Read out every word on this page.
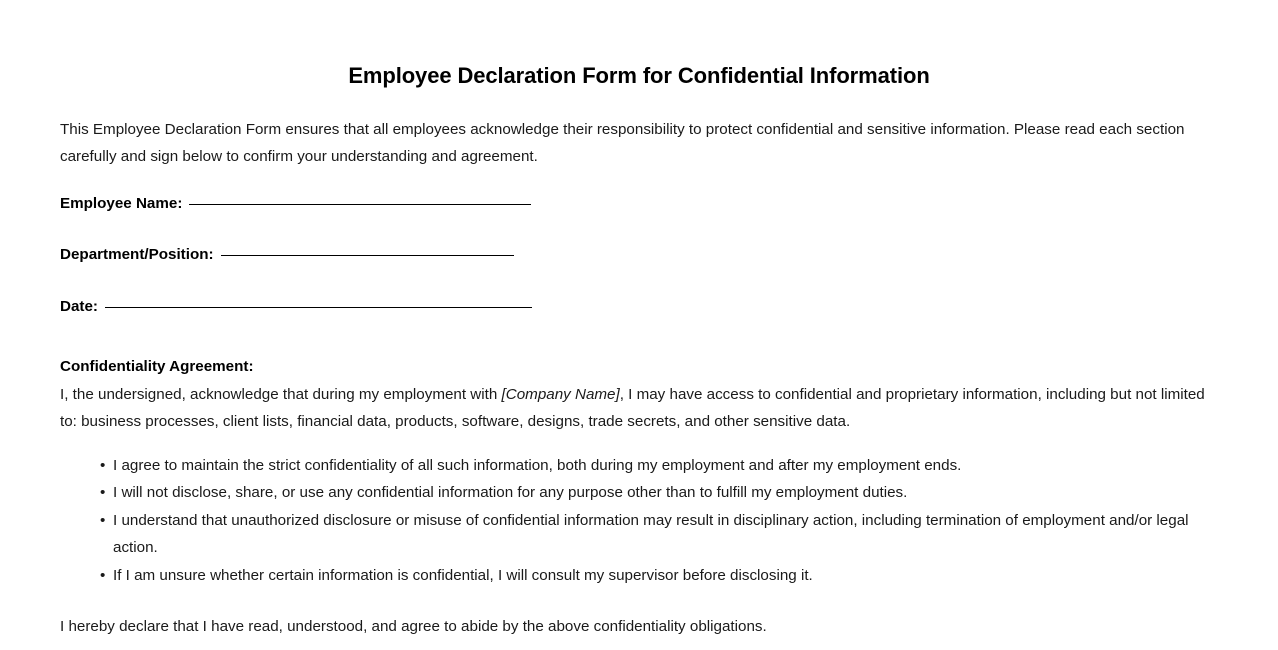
Employee Declaration Form for Confidential Information

This Employee Declaration Form ensures that all employees acknowledge their responsibility to protect confidential and sensitive information. Please read each section carefully and sign below to confirm your understanding and agreement.

Employee Name:
Department/Position:
Date:

Confidentiality Agreement:

I, the undersigned, acknowledge that during my employment with [Company Name], I may have access to confidential and proprietary information, including but not limited to: business processes, client lists, financial data, products, software, designs, trade secrets, and other sensitive data.

• I agree to maintain the strict confidentiality of all such information, both during my employment and after my employment ends.
• I will not disclose, share, or use any confidential information for any purpose other than to fulfill my employment duties.
• I understand that unauthorized disclosure or misuse of confidential information may result in disciplinary action, including termination of employment and/or legal action.
• If I am unsure whether certain information is confidential, I will consult my supervisor before disclosing it.

I hereby declare that I have read, understood, and agree to abide by the above confidentiality obligations.
